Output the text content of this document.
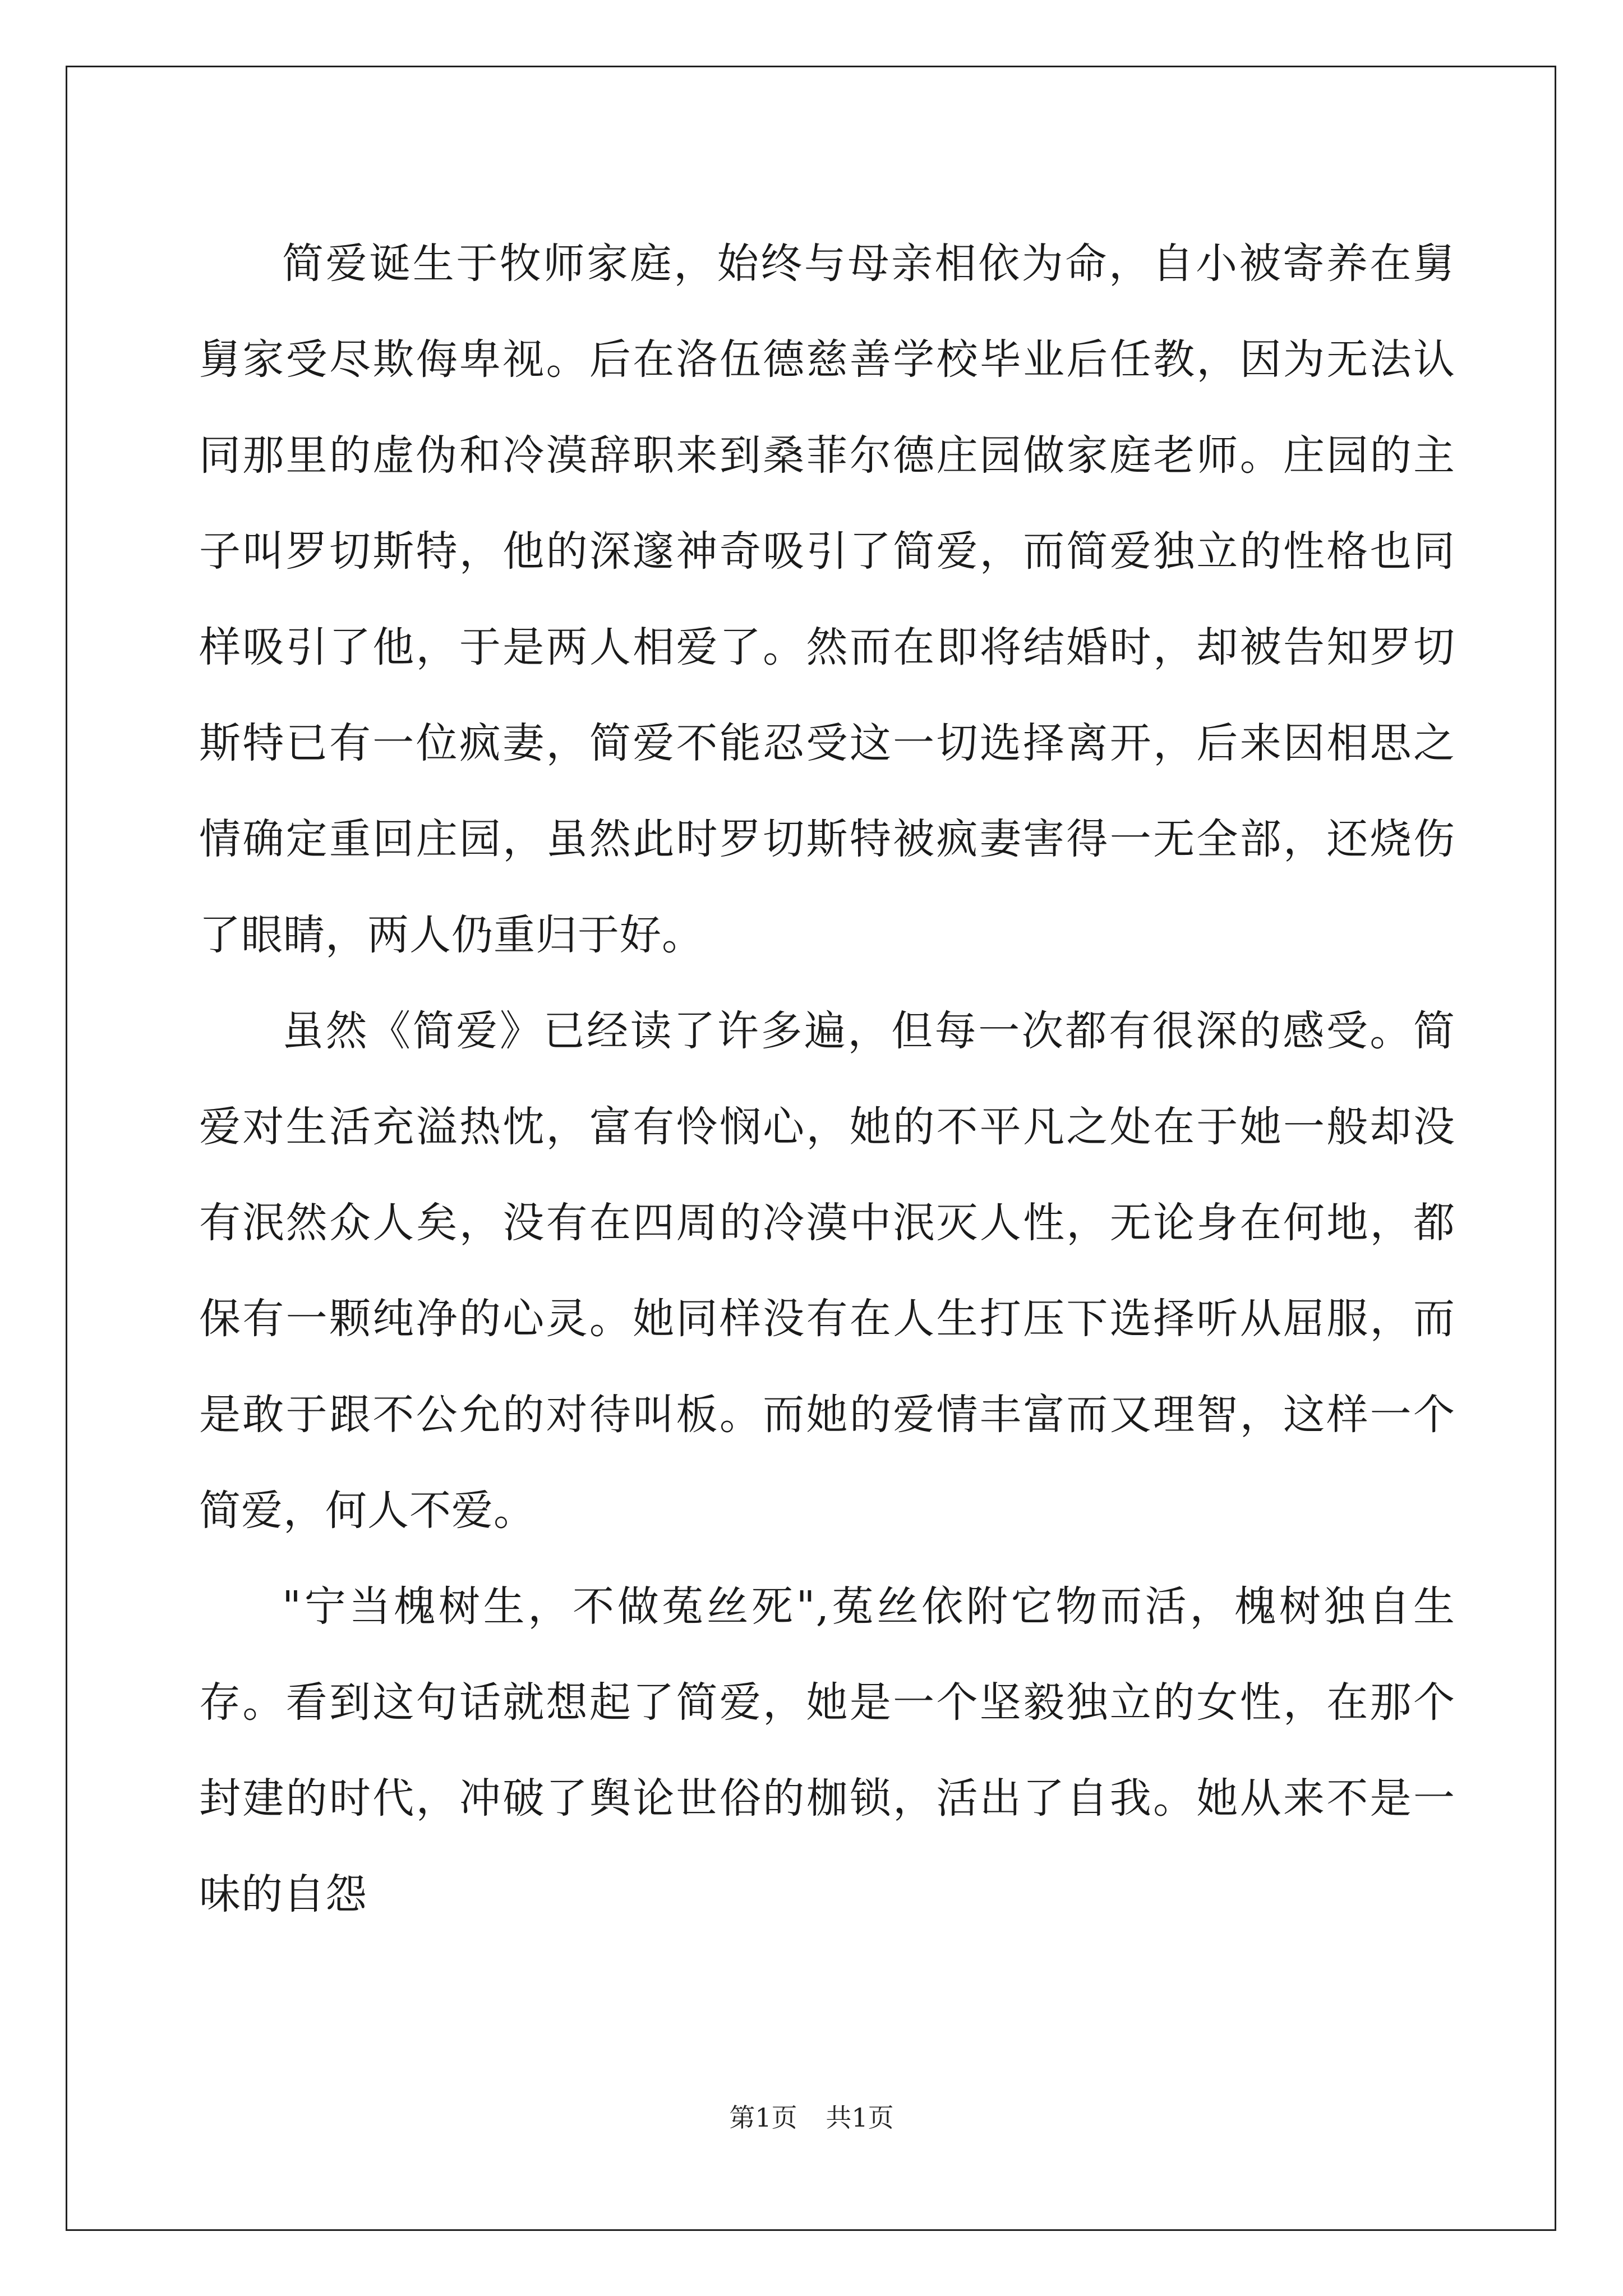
简爱诞生于牧师家庭，始终与母亲相依为命，自小被寄养在舅舅家受尽欺侮卑视。后在洛伍德慈善学校毕业后任教，因为无法认同那里的虚伪和冷漠辞职来到桑菲尔德庄园做家庭老师。庄园的主子叫罗切斯特，他的深邃神奇吸引了简爱，而简爱独立的性格也同样吸引了他，于是两人相爱了。然而在即将结婚时，却被告知罗切斯特已有一位疯妻，简爱不能忍受这一切选择离开，后来因相思之情确定重回庄园，虽然此时罗切斯特被疯妻害得一无全部，还烧伤了眼睛，两人仍重归于好。

虽然《简爱》已经读了许多遍，但每一次都有很深的感受。简爱对生活充溢热忱，富有怜悯心，她的不平凡之处在于她一般却没有泯然众人矣，没有在四周的冷漠中泯灭人性，无论身在何地，都保有一颗纯净的心灵。她同样没有在人生打压下选择听从屈服，而是敢于跟不公允的对待叫板。而她的爱情丰富而又理智，这样一个简爱，何人不爱。

"宁当槐树生，不做菟丝死",菟丝依附它物而活，槐树独自生存。看到这句话就想起了简爱，她是一个坚毅独立的女性，在那个封建的时代，冲破了舆论世俗的枷锁，活出了自我。她从来不是一味的自怨

第1页 共1页
